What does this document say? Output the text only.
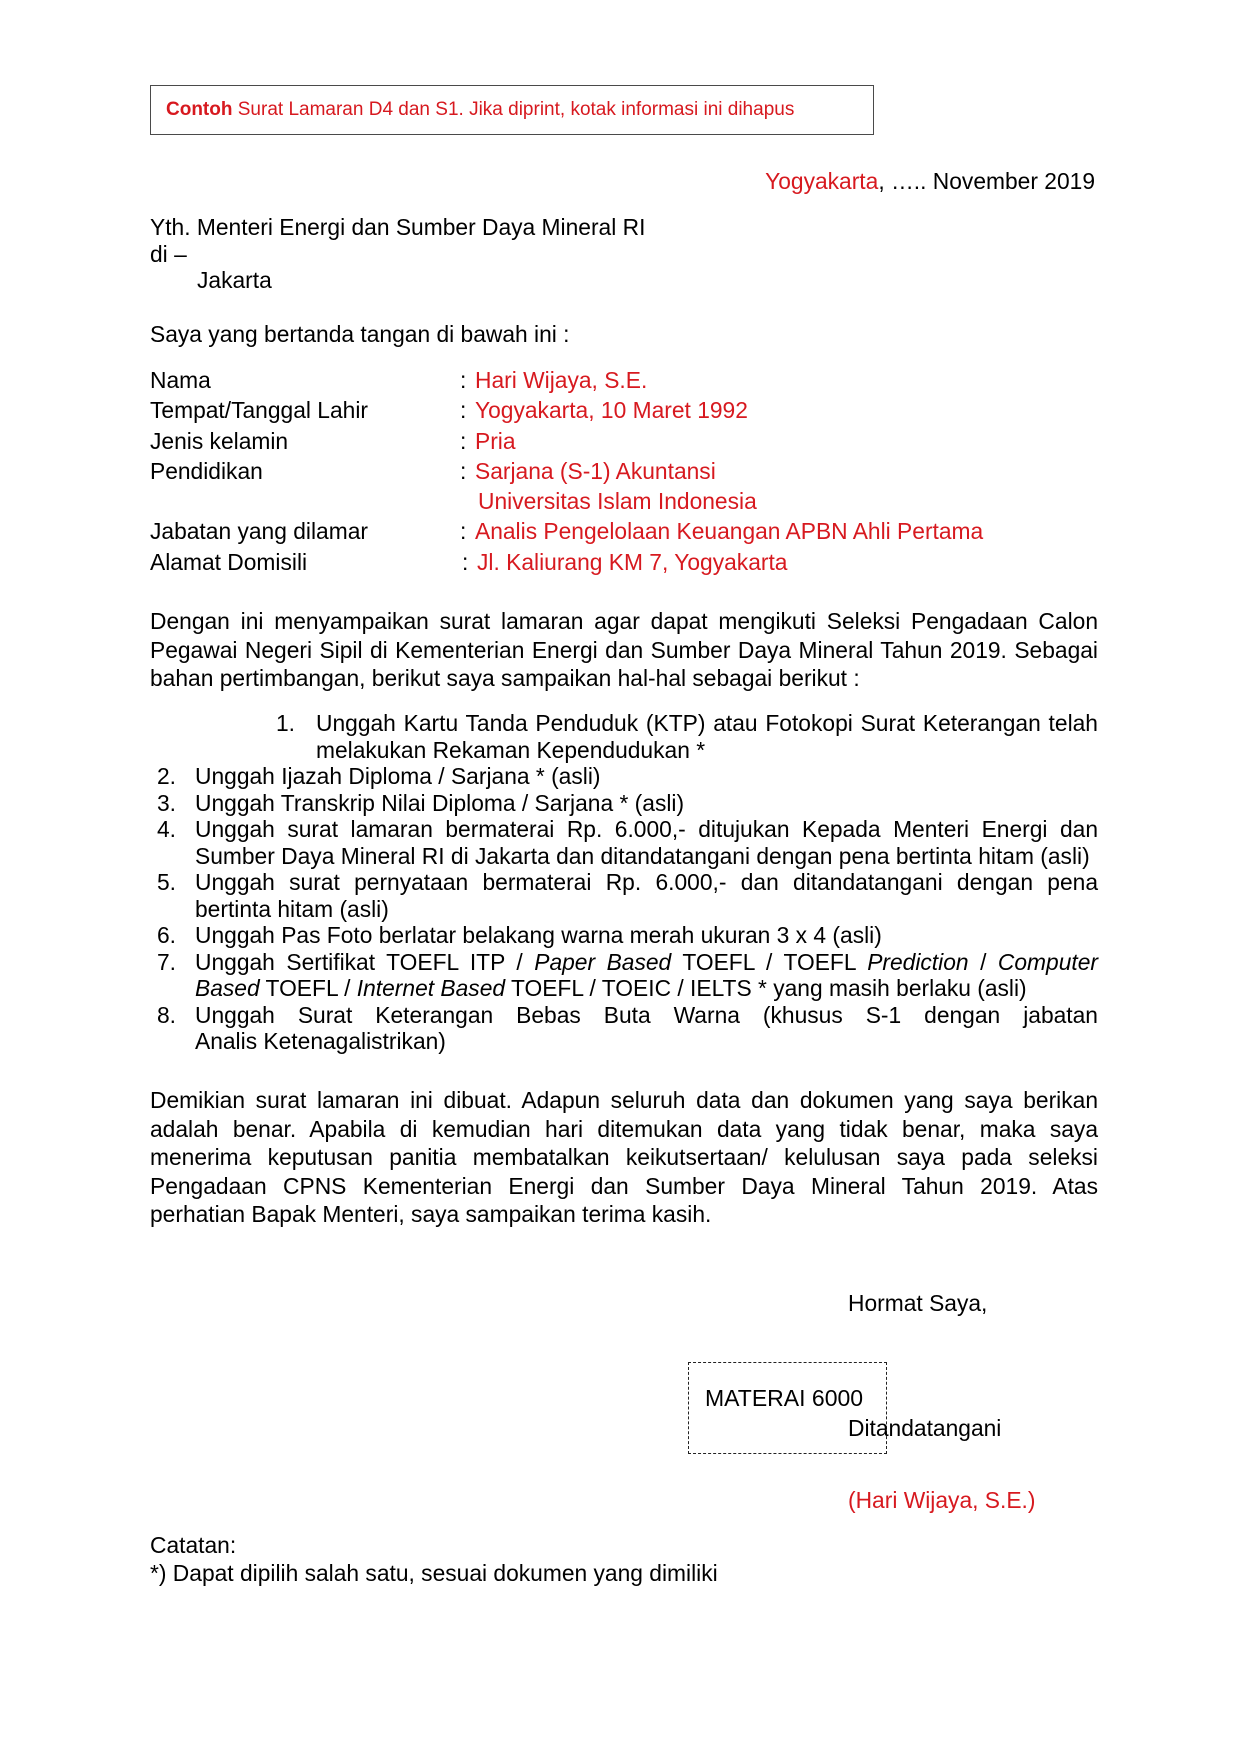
Contoh Surat Lamaran D4 dan S1. Jika diprint, kotak informasi ini dihapus
Yogyakarta, ….. November 2019
Yth. Menteri Energi dan Sumber Daya Mineral RI
di –
Jakarta
Saya yang bertanda tangan di bawah ini :
Nama	: Hari Wijaya, S.E.
Tempat/Tanggal Lahir	: Yogyakarta, 10 Maret 1992
Jenis kelamin	: Pria
Pendidikan	: Sarjana (S-1) Akuntansi
Universitas Islam Indonesia
Jabatan yang dilamar	: Analis Pengelolaan Keuangan APBN Ahli Pertama
Alamat Domisili	: Jl. Kaliurang KM 7, Yogyakarta
Dengan ini menyampaikan surat lamaran agar dapat mengikuti Seleksi Pengadaan Calon
Pegawai Negeri Sipil di Kementerian Energi dan Sumber Daya Mineral Tahun 2019. Sebagai
bahan pertimbangan, berikut saya sampaikan hal-hal sebagai berikut :
1. Unggah Kartu Tanda Penduduk (KTP) atau Fotokopi Surat Keterangan telah
melakukan Rekaman Kependudukan *
2. Unggah Ijazah Diploma / Sarjana * (asli)
3. Unggah Transkrip Nilai Diploma / Sarjana * (asli)
4. Unggah surat lamaran bermaterai Rp. 6.000,- ditujukan Kepada Menteri Energi dan
Sumber Daya Mineral RI di Jakarta dan ditandatangani dengan pena bertinta hitam (asli)
5. Unggah surat pernyataan bermaterai Rp. 6.000,- dan ditandatangani dengan pena
bertinta hitam (asli)
6. Unggah Pas Foto berlatar belakang warna merah ukuran 3 x 4 (asli)
7. Unggah Sertifikat TOEFL ITP / Paper Based TOEFL / TOEFL Prediction / Computer
Based TOEFL / Internet Based TOEFL / TOEIC / IELTS * yang masih berlaku (asli)
8. Unggah Surat Keterangan Bebas Buta Warna (khusus S-1 dengan jabatan
Analis Ketenagalistrikan)
Demikian surat lamaran ini dibuat. Adapun seluruh data dan dokumen yang saya berikan
adalah benar. Apabila di kemudian hari ditemukan data yang tidak benar, maka saya
menerima keputusan panitia membatalkan keikutsertaan/ kelulusan saya pada seleksi
Pengadaan CPNS Kementerian Energi dan Sumber Daya Mineral Tahun 2019. Atas
perhatian Bapak Menteri, saya sampaikan terima kasih.
Hormat Saya,
MATERAI 6000
Ditandatangani
(Hari Wijaya, S.E.)
Catatan:
*) Dapat dipilih salah satu, sesuai dokumen yang dimiliki
